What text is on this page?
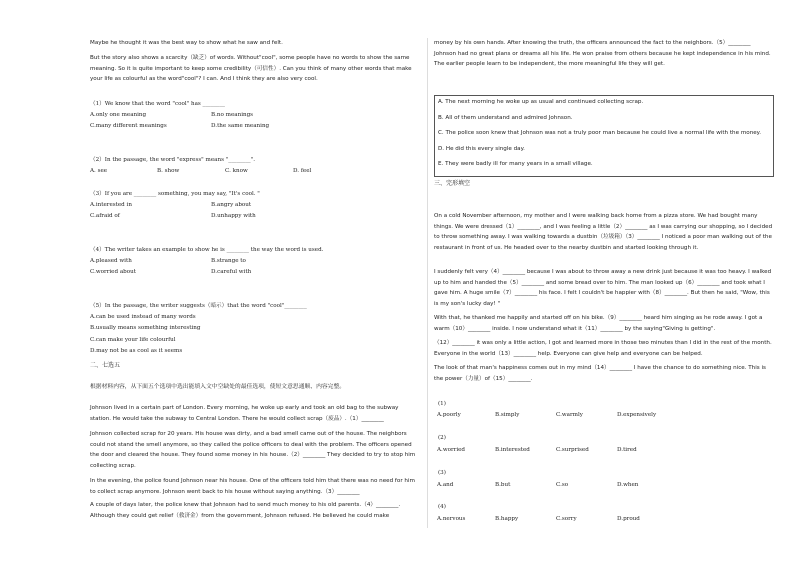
Maybe he thought it was the best way to show what he saw and felt.

But the story also shows a scarcity（缺乏）of words. Without"cool", some people have no words to show the same meaning. So it is quite important to keep some credibility（可信性）. Can you think of many other words that make your life as colourful as the word"cool"? I can. And I think they are also very cool.

（1）We know that the word "cool" has ________
A.only one meaning	B.no meanings
C.many different meanings	D.the same meaning
（2）In the passage, the word "express" means "________".
A. see	B. show	C. know	D. feel
（3）If you are ________ something, you may say, "It's cool. "
A.interested in	B.angry about
C.afraid of	D.unhappy with
（4）The writer takes an example to show he is ________ the way the word is used.
A.pleased with	B.strange to
C.worried about	D.careful with
（5）In the passage, the writer suggests（暗示）that the word "cool"________
A.can be used instead of many words
B.usually means something interesting
C.can make your life colourful
D.may not be as cool as it seems
二、七选五
根据材料内容，从下面五个选项中选出能填入文中空缺处的最佳选项，使短文意思通顺、内容完整。

Johnson lived in a certain part of London. Every morning, he woke up early and took an old bag to the subway station. He would take the subway to Central London. There he would collect scrap（废品）.（1）________

Johnson collected scrap for 20 years. His house was dirty, and a bad smell came out of the house. The neighbors could not stand the smell anymore, so they called the police officers to deal with the problem. The officers opened the door and cleared the house. They found some money in his house.（2）________ They decided to try to stop him collecting scrap.

In the evening, the police found Johnson near his house. One of the officers told him that there was no need for him to collect scrap anymore. Johnson went back to his house without saying anything.（3）________

A couple of days later, the police knew that Johnson had to send much money to his old parents.（4）________. Although they could get relief（救济金）from the government, Johnson refused. He believed he could make

money by his own hands. After knowing the truth, the officers announced the fact to the neighbors.（5）________ Johnson had no great plans or dreams all his life. He won praise from others because he kept independence in his mind. The earlier people learn to be independent, the more meaningful life they will get.

A. The next morning he woke up as usual and continued collecting scrap.
B. All of them understand and admired Johnson.
C. The police soon knew that Johnson was not a truly poor man because he could live a normal life with the money.
D. He did this every single day.
E. They were badly ill for many years in a small village.
三、完形填空

On a cold November afternoon, my mother and I were walking back home from a pizza store. We had bought many things. We were dressed（1）________, and I was feeling a little（2）________ as I was carrying our shopping, so I decided to throw something away. I was walking towards a dustbin（垃圾箱）（3）________ I noticed a poor man walking out of the restaurant in front of us. He headed over to the nearby dustbin and started looking through it.

I suddenly felt very（4）________ because I was about to throw away a new drink just because it was too heavy. I walked up to him and handed the（5）________ and some bread over to him. The man looked up（6）________ and took what I gave him. A huge smile（7）________ his face. I felt I couldn't be happier with（8）________. But then he said, "Wow, this is my son's lucky day! "

With that, he thanked me happily and started off on his bike.（9）________ heard him singing as he rode away. I got a warm（10）________ inside. I now understand what it（11）________ by the saying"Giving is getting".

（12）________ it was only a little action, I got and learned more in those two minutes than I did in the rest of the month. Everyone in the world（13）________ help. Everyone can give help and everyone can be helped.

The look of that man's happiness comes out in my mind（14）________ I have the chance to do something nice. This is the power（力量）of（15）________.

(1)
A.poorly	B.simply	C.warmly	D.expensively
(2)
A.worried	B.interested	C.surprised	D.tired
(3)
A.and	B.but	C.so	D.when
(4)
A.nervous	B.happy	C.sorry	D.proud
